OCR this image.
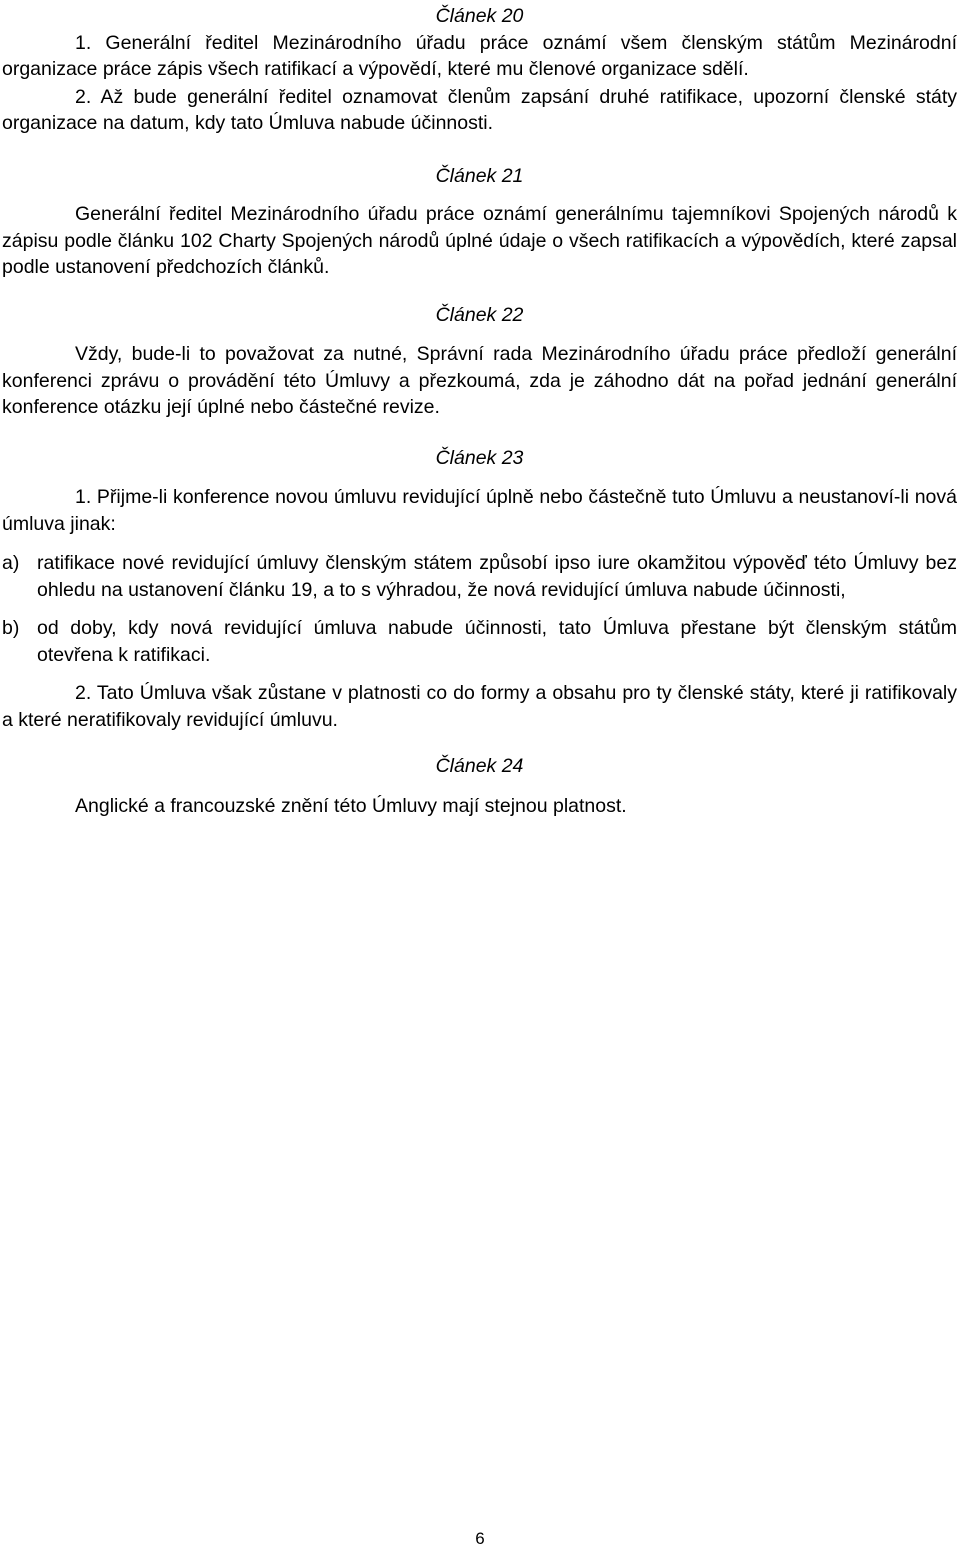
Článek 20

1. Generální ředitel Mezinárodního úřadu práce oznámí všem členským státům Mezinárodní organizace práce zápis všech ratifikací a výpovědí, které mu členové organizace sdělí.

2. Až bude generální ředitel oznamovat členům zapsání druhé ratifikace, upozorní členské státy organizace na datum, kdy tato Úmluva nabude účinnosti.

Článek 21

Generální ředitel Mezinárodního úřadu práce oznámí generálnímu tajemníkovi Spojených národů k zápisu podle článku 102 Charty Spojených národů úplné údaje o všech ratifikacích a výpovědích, které zapsal podle ustanovení předchozích článků.

Článek 22

Vždy, bude-li to považovat za nutné, Správní rada Mezinárodního úřadu práce předloží generální konferenci zprávu o provádění této Úmluvy a přezkoumá, zda je záhodno dát na pořad jednání generální konference otázku její úplné nebo částečné revize.

Článek 23

1. Přijme-li konference novou úmluvu revidující úplně nebo částečně tuto Úmluvu a neustanoví-li nová úmluva jinak:

a) ratifikace nové revidující úmluvy členským státem způsobí ipso iure okamžitou výpověď této Úmluvy bez ohledu na ustanovení článku 19, a to s výhradou, že nová revidující úmluva nabude účinnosti,
b) od doby, kdy nová revidující úmluva nabude účinnosti, tato Úmluva přestane být členským státům otevřena k ratifikaci.

2. Tato Úmluva však zůstane v platnosti co do formy a obsahu pro ty členské státy, které ji ratifikovaly a které neratifikovaly revidující úmluvu.

Článek 24

Anglické a francouzské znění této Úmluvy mají stejnou platnost.

6
